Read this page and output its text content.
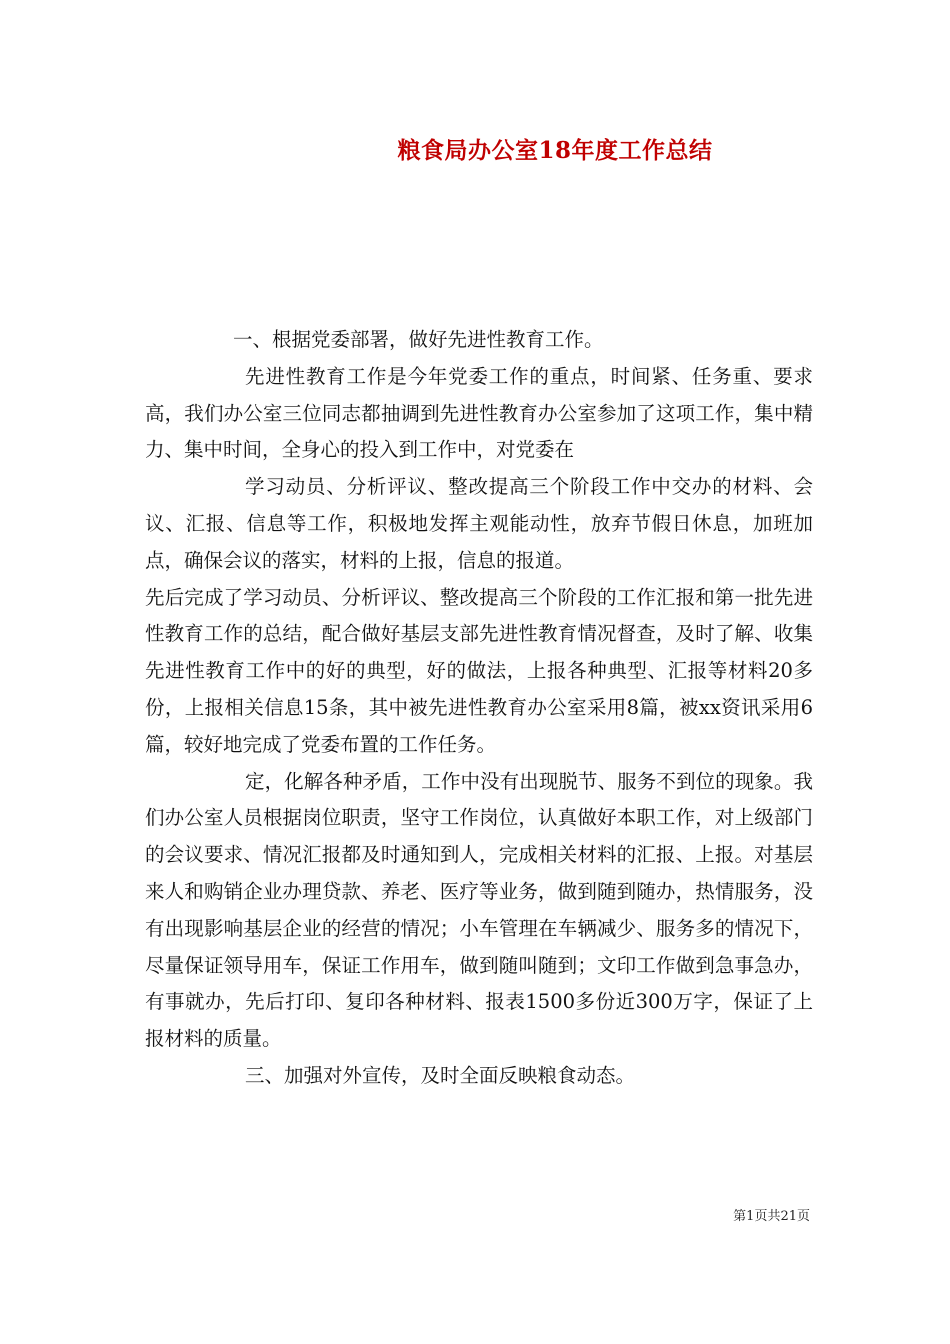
粮食局办公室18年度工作总结

一、根据党委部署，做好先进性教育工作。

先进性教育工作是今年党委工作的重点，时间紧、任务重、要求高，我们办公室三位同志都抽调到先进性教育办公室参加了这项工作，集中精力、集中时间，全身心的投入到工作中，对党委在

学习动员、分析评议、整改提高三个阶段工作中交办的材料、会议、汇报、信息等工作，积极地发挥主观能动性，放弃节假日休息，加班加点，确保会议的落实，材料的上报，信息的报道。

先后完成了学习动员、分析评议、整改提高三个阶段的工作汇报和第一批先进性教育工作的总结，配合做好基层支部先进性教育情况督查，及时了解、收集先进性教育工作中的好的典型，好的做法，上报各种典型、汇报等材料20多份，上报相关信息15条，其中被先进性教育办公室采用8篇，被xx资讯采用6篇，较好地完成了党委布置的工作任务。

定，化解各种矛盾，工作中没有出现脱节、服务不到位的现象。我们办公室人员根据岗位职责，坚守工作岗位，认真做好本职工作，对上级部门的会议要求、情况汇报都及时通知到人，完成相关材料的汇报、上报。对基层来人和购销企业办理贷款、养老、医疗等业务，做到随到随办，热情服务，没有出现影响基层企业的经营的情况；小车管理在车辆减少、服务多的情况下，尽量保证领导用车，保证工作用车，做到随叫随到；文印工作做到急事急办，有事就办，先后打印、复印各种材料、报表1500多份近300万字，保证了上报材料的质量。

三、加强对外宣传，及时全面反映粮食动态。

第1页共21页
